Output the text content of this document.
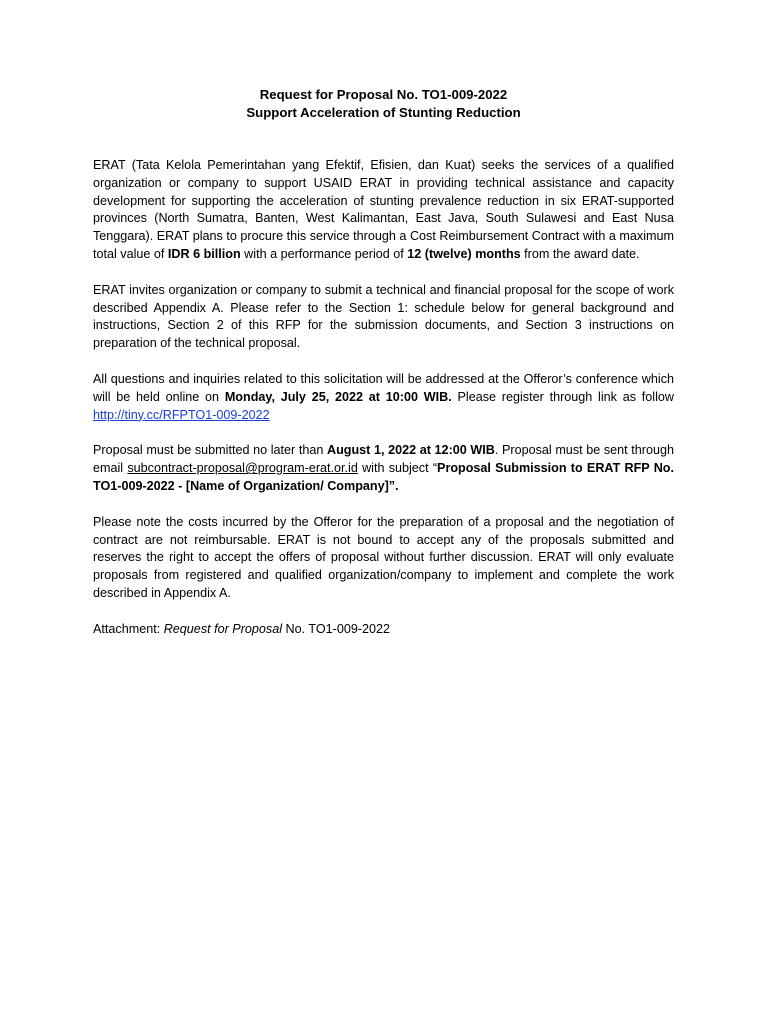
Request for Proposal No. TO1-009-2022
Support Acceleration of Stunting Reduction

ERAT (Tata Kelola Pemerintahan yang Efektif, Efisien, dan Kuat) seeks the services of a qualified organization or company to support USAID ERAT in providing technical assistance and capacity development for supporting the acceleration of stunting prevalence reduction in six ERAT-supported provinces (North Sumatra, Banten, West Kalimantan, East Java, South Sulawesi and East Nusa Tenggara). ERAT plans to procure this service through a Cost Reimbursement Contract with a maximum total value of IDR 6 billion with a performance period of 12 (twelve) months from the award date.

ERAT invites organization or company to submit a technical and financial proposal for the scope of work described Appendix A. Please refer to the Section 1: schedule below for general background and instructions, Section 2 of this RFP for the submission documents, and Section 3 instructions on preparation of the technical proposal.

All questions and inquiries related to this solicitation will be addressed at the Offeror’s conference which will be held online on Monday, July 25, 2022 at 10:00 WIB. Please register through link as follow http://tiny.cc/RFPTO1-009-2022

Proposal must be submitted no later than August 1, 2022 at 12:00 WIB. Proposal must be sent through email subcontract-proposal@program-erat.or.id with subject “Proposal Submission to ERAT RFP No. TO1-009-2022 - [Name of Organization/ Company]”.

Please note the costs incurred by the Offeror for the preparation of a proposal and the negotiation of contract are not reimbursable. ERAT is not bound to accept any of the proposals submitted and reserves the right to accept the offers of proposal without further discussion. ERAT will only evaluate proposals from registered and qualified organization/company to implement and complete the work described in Appendix A.

Attachment: Request for Proposal No. TO1-009-2022
